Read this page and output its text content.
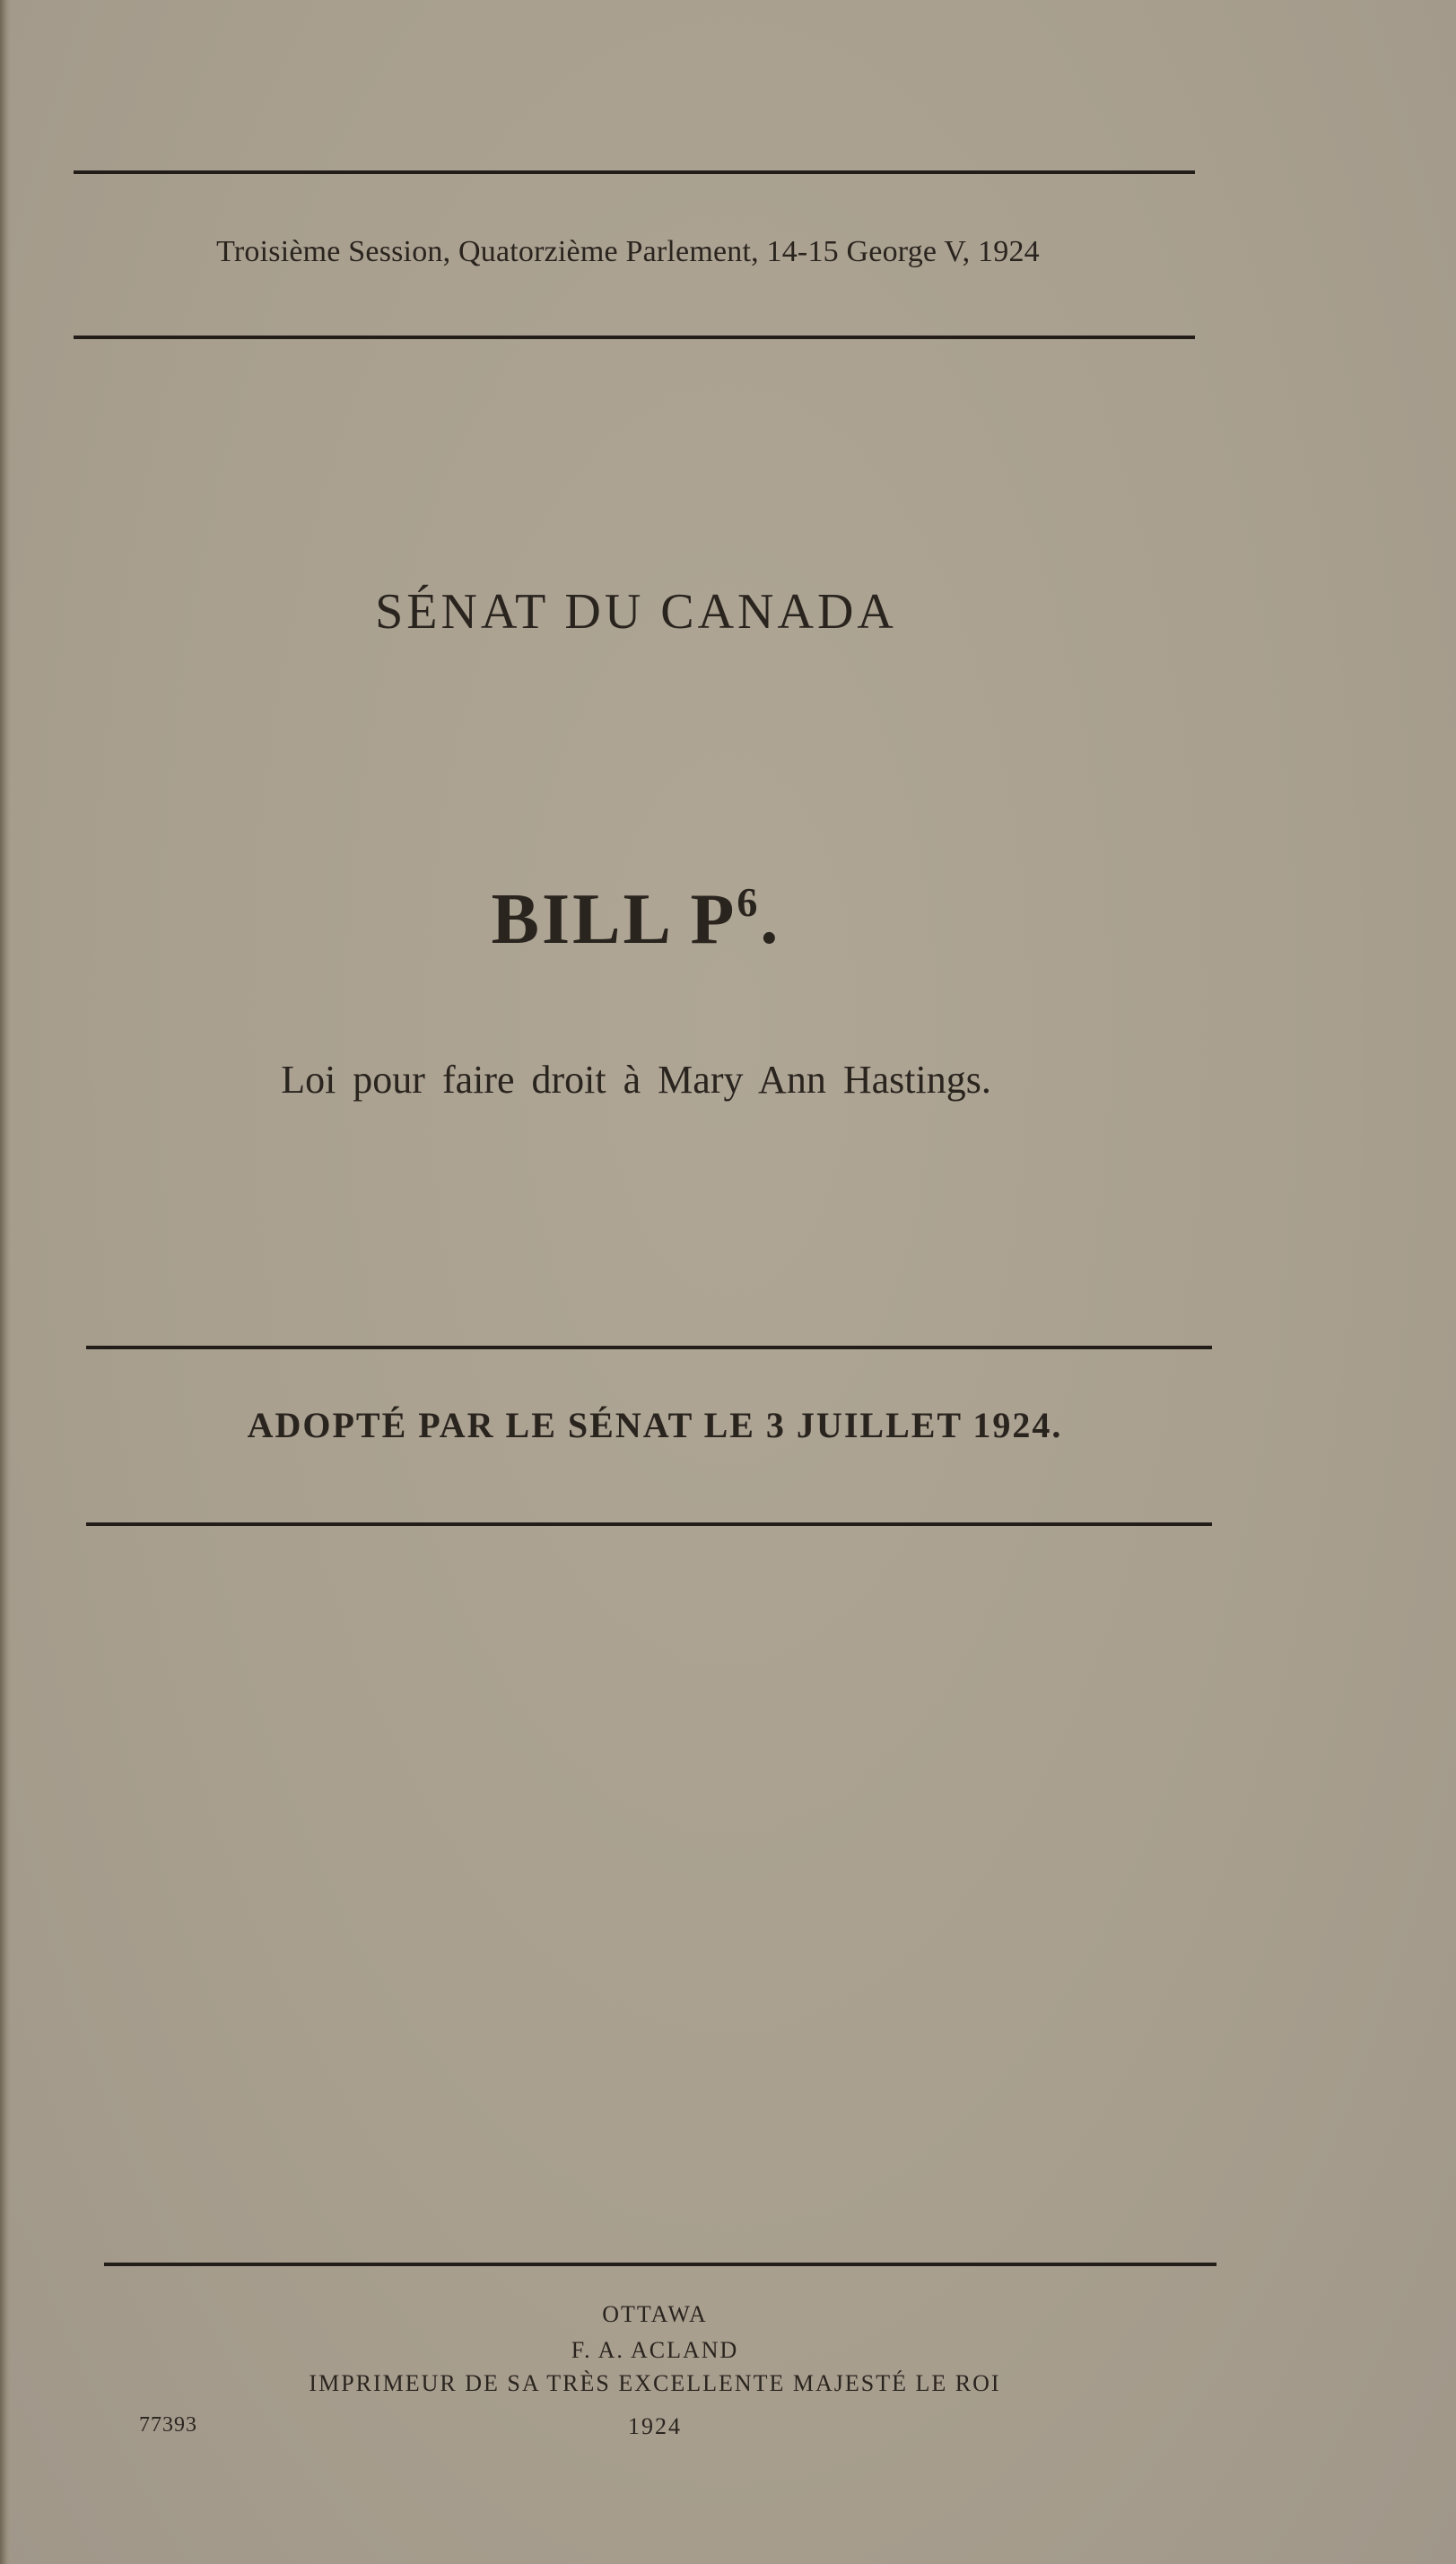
Troisième Session, Quatorzième Parlement, 14-15 George V, 1924
SÉNAT DU CANADA
BILL $P^6$.
Loi pour faire droit à Mary Ann Hastings.
ADOPTÉ PAR LE SÉNAT LE 3 JUILLET 1924.
OTTAWA
F. A. ACLAND
IMPRIMEUR DE SA TRÈS EXCELLENTE MAJESTÉ LE ROI
1924
77393
